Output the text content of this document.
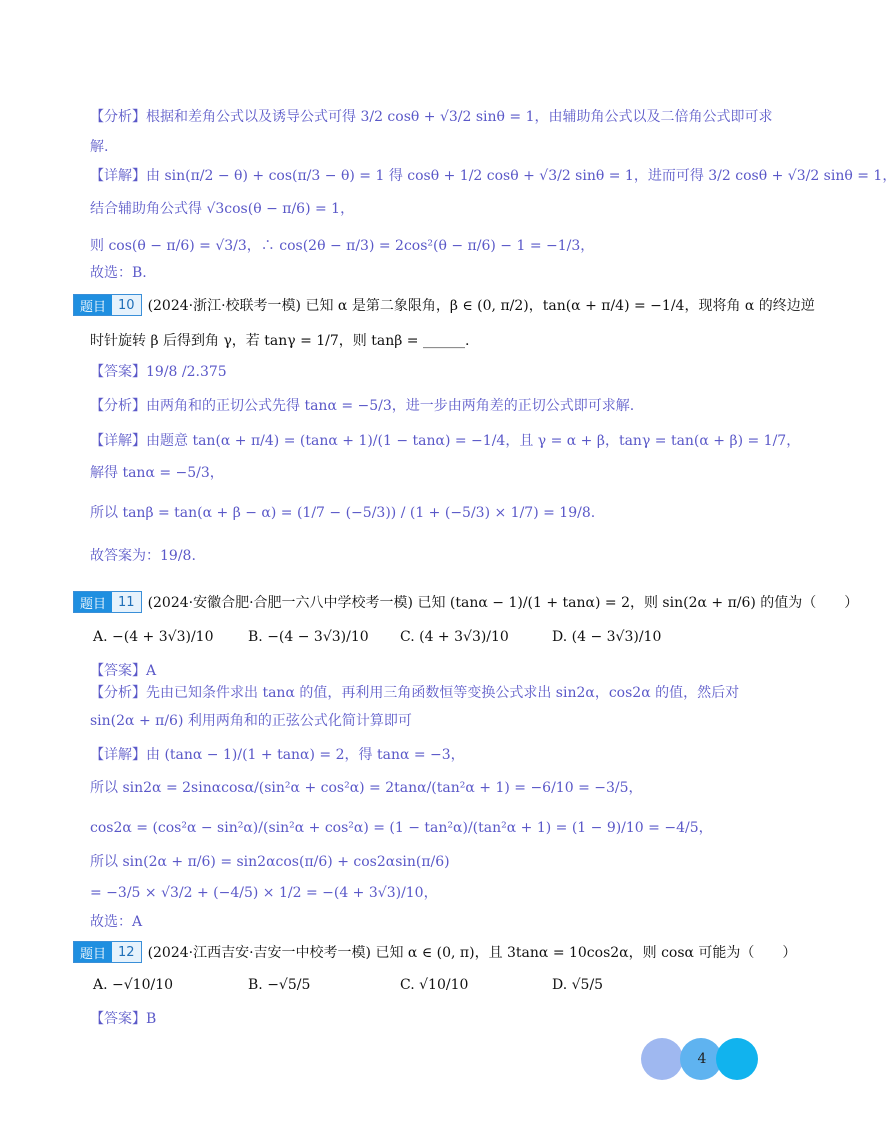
【分析】根据和差角公式以及诱导公式可得 3/2 cosθ + √3/2 sinθ = 1，由辅助角公式以及二倍角公式即可求
解.
【详解】由 sin(π/2 − θ) + cos(π/3 − θ) = 1 得 cosθ + 1/2 cosθ + √3/2 sinθ = 1，进而可得 3/2 cosθ + √3/2 sinθ = 1，
结合辅助角公式得 √3cos(θ − π/6) = 1，
则 cos(θ − π/6) = √3/3，∴ cos(2θ − π/3) = 2cos²(θ − π/6) − 1 = −1/3，
故选：B.
题目 10 (2024·浙江·校联考一模) 已知 α 是第二象限角，β ∈ (0, π/2)，tan(α + π/4) = −1/4，现将角 α 的终边逆
时针旋转 β 后得到角 γ，若 tanγ = 1/7，则 tanβ = ______.
【答案】19/8 /2.375
【分析】由两角和的正切公式先得 tanα = −5/3，进一步由两角差的正切公式即可求解.
【详解】由题意 tan(α + π/4) = (tanα + 1)/(1 − tanα) = −1/4，且 γ = α + β，tanγ = tan(α + β) = 1/7，
解得 tanα = −5/3，
所以 tanβ = tan(α + β − α) = (1/7 − (−5/3)) / (1 + (−5/3) × 1/7) = 19/8.
故答案为：19/8.
题目 11 (2024·安徽合肥·合肥一六八中学校考一模) 已知 (tanα − 1)/(1 + tanα) = 2，则 sin(2α + π/6) 的值为（　　）
A. −(4 + 3√3)/10 B. −(4 − 3√3)/10 C. (4 + 3√3)/10	D. (4 − 3√3)/10
【答案】A
【分析】先由已知条件求出 tanα 的值，再利用三角函数恒等变换公式求出 sin2α，cos2α 的值，然后对
sin(2α + π/6) 利用两角和的正弦公式化简计算即可
【详解】由 (tanα − 1)/(1 + tanα) = 2，得 tanα = −3，
所以 sin2α = 2sinαcosα/(sin²α + cos²α) = 2tanα/(tan²α + 1) = −6/10 = −3/5，
cos2α = (cos²α − sin²α)/(sin²α + cos²α) = (1 − tan²α)/(tan²α + 1) = (1 − 9)/10 = −4/5，
所以 sin(2α + π/6) = sin2αcos(π/6) + cos2αsin(π/6)
= −3/5 × √3/2 + (−4/5) × 1/2 = −(4 + 3√3)/10，
故选：A
题目 12 (2024·江西吉安·吉安一中校考一模) 已知 α ∈ (0, π)，且 3tanα = 10cos2α，则 cosα 可能为（　　）
A. −√10/10	B. −√5/5	C. √10/10	D. √5/5
【答案】B
4
